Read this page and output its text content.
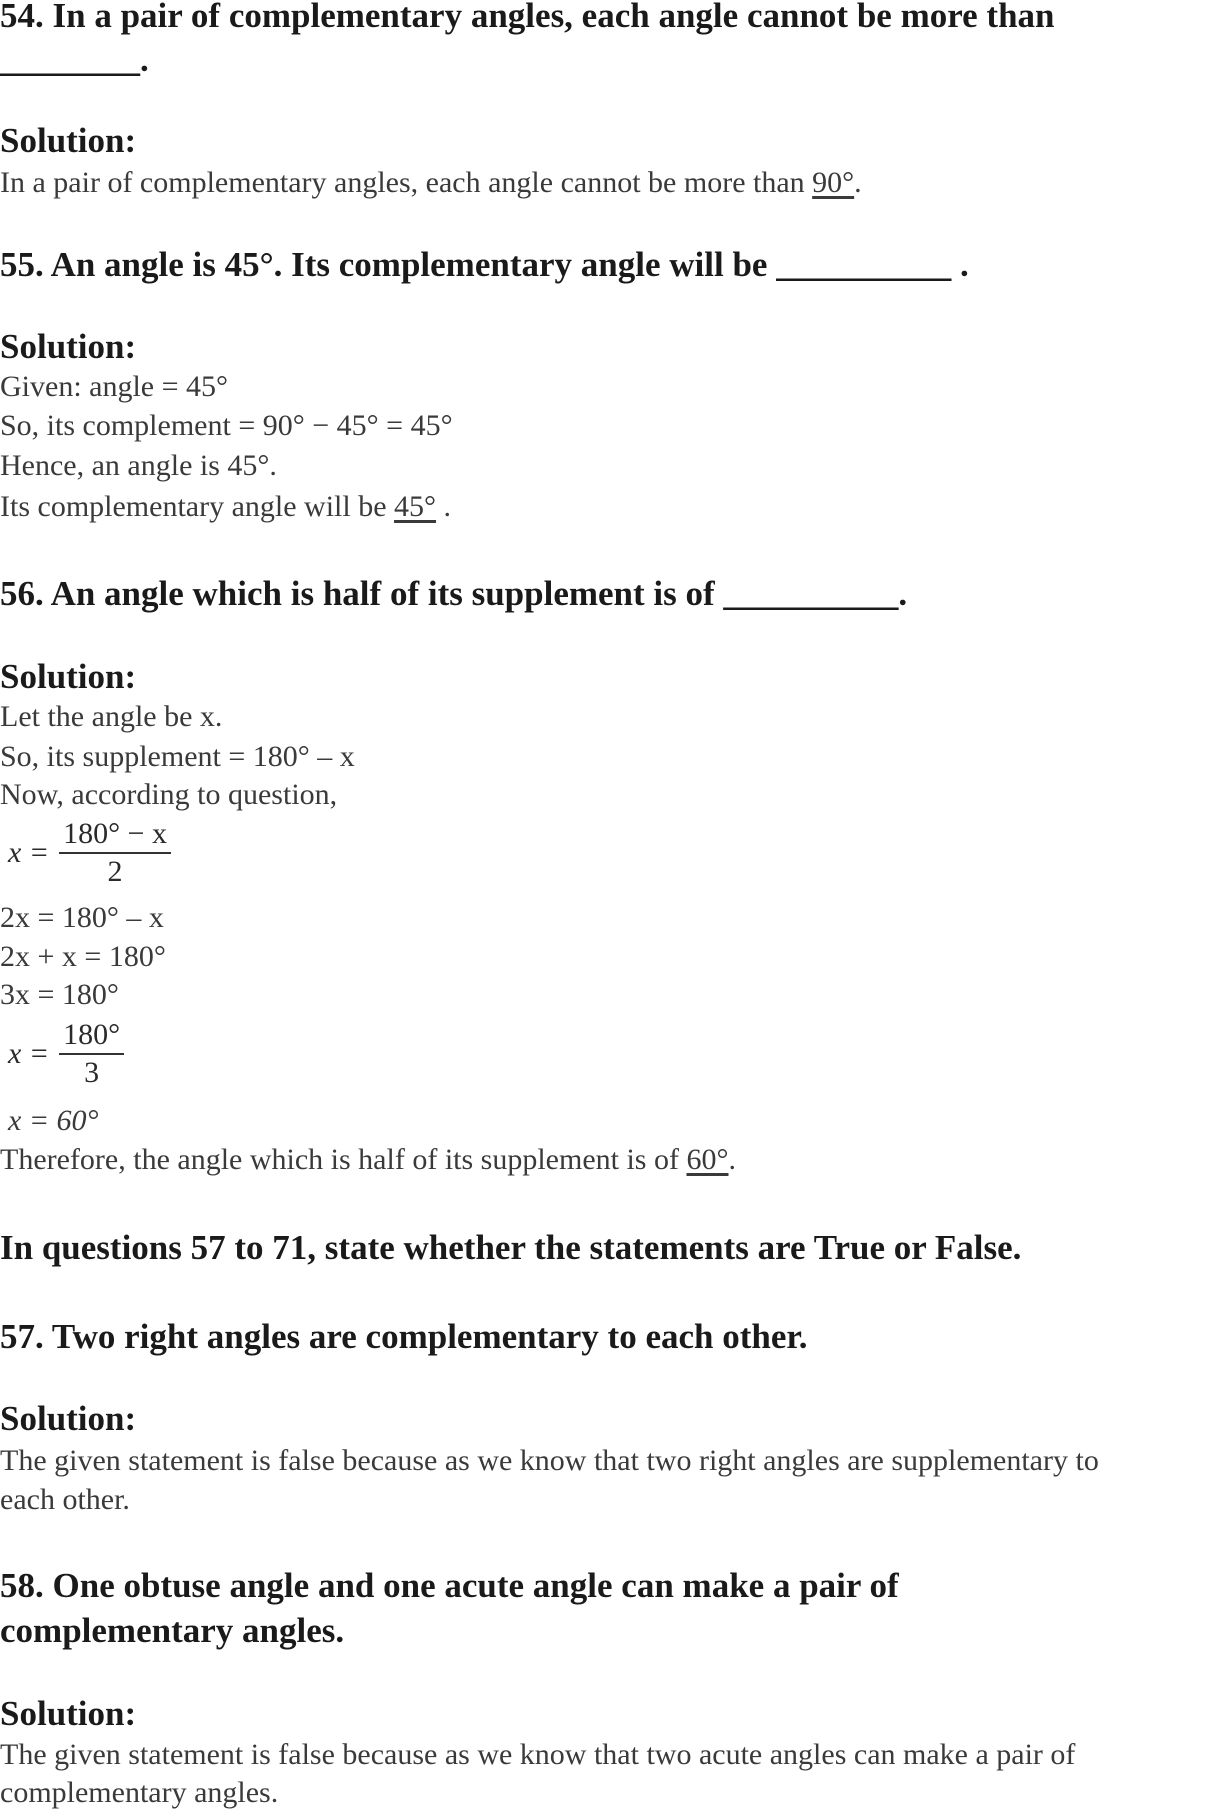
54. In a pair of complementary angles, each angle cannot be more than
________.
Solution:
In a pair of complementary angles, each angle cannot be more than 90°.
55. An angle is 45°. Its complementary angle will be __________ .
Solution:
Given: angle = 45°
So, its complement = 90° − 45° = 45°
Hence, an angle is 45°.
Its complementary angle will be 45° .
56. An angle which is half of its supplement is of __________.
Solution:
Let the angle be x.
So, its supplement = 180° – x
Now, according to question,
$x = \frac{180^\circ - x}{2}$
2x = 180° – x
2x + x = 180°
3x = 180°
$x = \frac{180^\circ}{3}$
x = 60°
Therefore, the angle which is half of its supplement is of 60°.
In questions 57 to 71, state whether the statements are True or False.
57. Two right angles are complementary to each other.
Solution:
The given statement is false because as we know that two right angles are supplementary to
each other.
58. One obtuse angle and one acute angle can make a pair of
complementary angles.
Solution:
The given statement is false because as we know that two acute angles can make a pair of
complementary angles.
